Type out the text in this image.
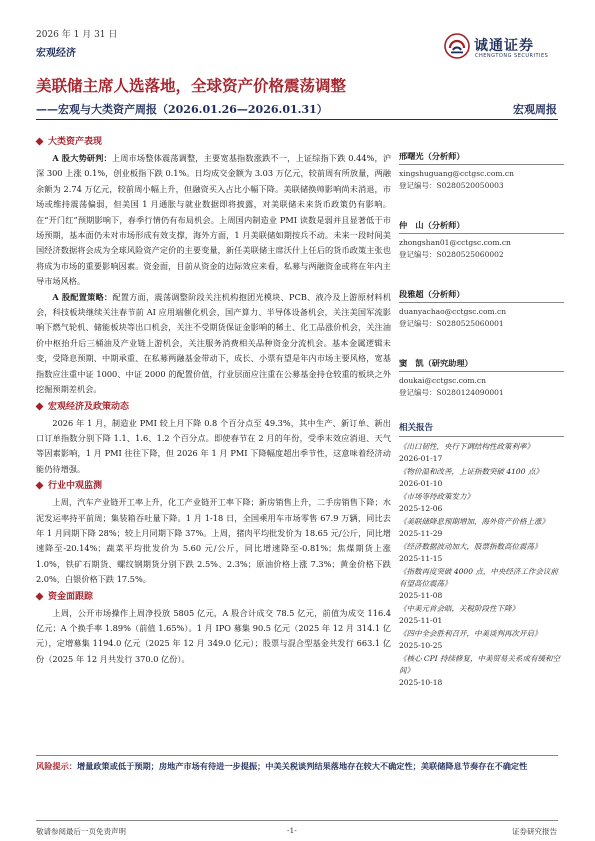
2026 年 1 月 31 日
宏观经济	诚通证券
CHENGTONG SECURITIES
美联储主席人选落地，全球资产价格震荡调整
——宏观与大类资产周报（2026.01.26—2026.01.31）	宏观周报
大类资产表现

A 股大势研判：上周市场整体震荡调整，主要宽基指数涨跌不一，上证综指下跌 0.44%，沪深 300 上涨 0.1%，创业板指下跌 0.1%。日均成交金额为 3.03 万亿元，较前周有所放量，两融余额为 2.74 万亿元，较前周小幅上升，但融资买入占比小幅下降。美联储换帅影响尚未消退，市场或维持震荡偏弱，但美国 1 月通胀与就业数据即将披露，对美联储未来货币政策仍有影响。在“开门红”预期影响下，春季行情仍有布局机会。上周国内制造业 PMI 读数是弱并且显著低于市场预期，基本面仍未对市场形成有效支撑，海外方面，1 月美联储如期按兵不动。未来一段时间美国经济数据将会成为全球风险资产定价的主要变量，新任美联储主席沃什上任后的货币政策主张也将成为市场的重要影响因素。资金面，目前从资金的边际效应来看，私募与两融资金或将在年内主导市场风格。

A 股配置策略：配置方面，震荡调整阶段关注机构抱团光模块、PCB、液冷及上游原材料机会，科技板块继续关注春节前 AI 应用端催化机会，国产算力、半导体设备机会，关注美国军流影响下燃气轮机、储能板块等出口机会，关注不受期货保证金影响的稀土、化工品涨价机会，关注油价中枢抬升后三桶油及产业链上游机会，关注服务消费相关品种资金分流机会。基本金属逻辑未变，受降息预期、中期承重、在私募两融基金带动下，成长、小票有望是年内市场主要风格，宽基指数应注重中证 1000、中证 2000 的配置价值，行业层面应注重在公募基金持仓较重的板块之外挖掘预期差机会。

宏观经济及政策动态

2026 年 1 月，制造业 PMI 较上月下降 0.8 个百分点至 49.3%，其中生产、新订单、新出口订单指数分别下降 1.1、1.6、1.2 个百分点。即使春节在 2 月的年份，受季末效应消退、天气等因素影响，1 月 PMI 往往下降，但 2026 年 1 月 PMI 下降幅度超出季节性，这意味着经济动能仍待增强。

行业中观监测

上周，汽车产业链开工率上升，化工产业链开工率下降；新房销售上升，二手房销售下降；水泥发运率持平前周；集装箱吞吐量下降。1 月 1-18 日，全国乘用车市场零售 67.9 万辆，同比去年 1 月同期下降 28%；较上月同期下降 37%。上周，猪肉平均批发价为 18.65 元/公斤，同比增速降至-20.14%；蔬菜平均批发价为 5.60 元/公斤，同比增速降至-0.81%；焦煤期货上涨 1.0%，铁矿石期货、螺纹钢期货分别下跌 2.5%、2.3%；原油价格上涨 7.3%；黄金价格下跌 2.0%，白银价格下跌 17.5%。

资金面跟踪

上周，公开市场操作上周净投放 5805 亿元，A 股合计成交 78.5 亿元，前值为成交 116.4 亿元；A 个换手率 1.89%（前值 1.65%）。1 月 IPO 募集 90.5 亿元（2025 年 12 月 314.1 亿元），定增募集 1194.0 亿元（2025 年 12 月 349.0 亿元）；股票与混合型基金共发行 663.1 亿份（2025 年 12 月共发行 370.0 亿份）。

邢曙光（分析师）
xingshuguang@cctgsc.com.cn
登记编号：S0280520050003
仲　山（分析师）
zhongshan01@cctgsc.com.cn
登记编号：S0280525060002
段雅超（分析师）
duanyachao@cctgsc.com.cn
登记编号：S0280525060001
窦　凯（研究助理）
doukai@cctgsc.com.cn
登记编号：S0280124090001
相关报告
《出口韧性，央行下调结构性政策利率》
2026-01-17
《物价温和改善，上证指数突破 4100 点》
2026-01-10
《市场等待政策发力》
2025-12-06
《美联储降息预期增加，海外资产价格上涨》
2025-11-29
《经济数据波动加大，股票指数高位震荡》
2025-11-15
《指数再度突破 4000 点，中央经济工作会议前有望高位震荡》
2025-11-08
《中美元首会晤，关税阶段性下降》
2025-11-01
《四中全会胜利召开，中美谈判再次开启》
2025-10-25
《核心 CPI 持续修复，中美贸易关系成有缓和空间》
2025-10-18
风险提示：增量政策或低于预期；房地产市场有待进一步提振；中美关税谈判结果落地存在较大不确定性；美联储降息节奏存在不确定性
敬请参阅最后一页免责声明	-1-	证券研究报告
